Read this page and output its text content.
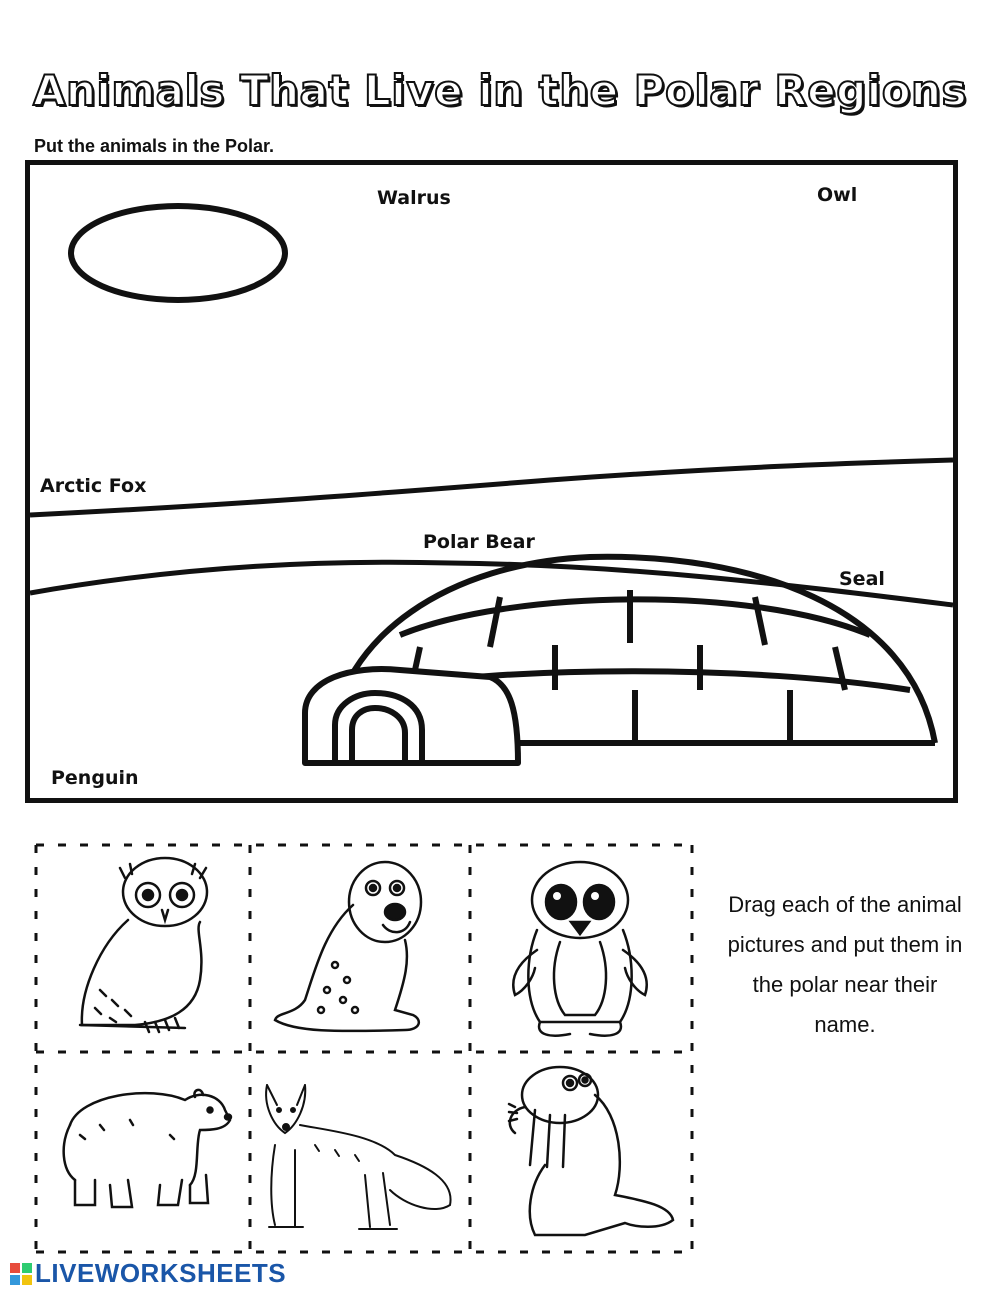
Animals That Live in the Polar Regions
Put the animals in the Polar.
Walrus	Owl
Arctic Fox
Polar Bear
Seal
Penguin
Drag each of the animal pictures and put them in the polar near their name.
LIVEWORKSHEETS
